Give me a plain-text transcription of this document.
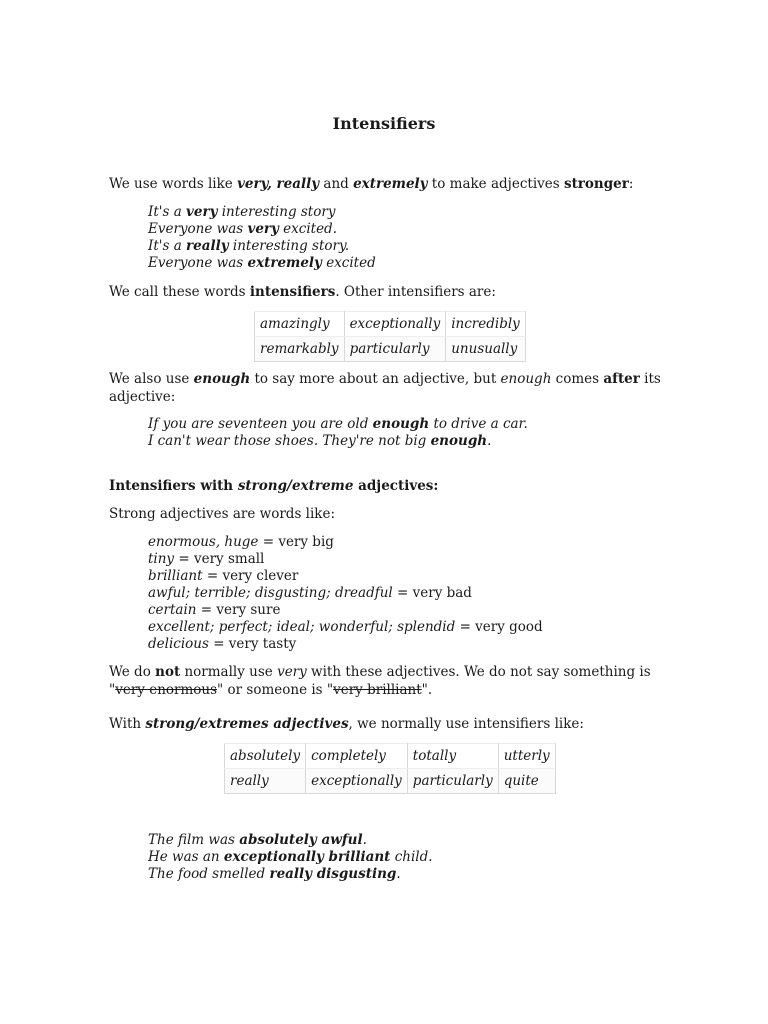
Intensifiers
We use words like very, really and extremely to make adjectives stronger:
It's a very interesting story
Everyone was very excited.
It's a really interesting story.
Everyone was extremely excited
We call these words intensifiers. Other intensifiers are:
amazingly	exceptionally	incredibly
remarkably	particularly	unusually
We also use enough to say more about an adjective, but enough comes after its
adjective:
If you are seventeen you are old enough to drive a car.
I can't wear those shoes. They're not big enough.
Intensifiers with strong/extreme adjectives:
Strong adjectives are words like:
enormous, huge = very big
tiny = very small
brilliant = very clever
awful; terrible; disgusting; dreadful = very bad
certain = very sure
excellent; perfect; ideal; wonderful; splendid = very good
delicious = very tasty
We do not normally use very with these adjectives. We do not say something is
"very enormous" or someone is "very brilliant".
With strong/extremes adjectives, we normally use intensifiers like:
absolutely	completely	totally	utterly
really	exceptionally	particularly	quite
The film was absolutely awful.
He was an exceptionally brilliant child.
The food smelled really disgusting.
